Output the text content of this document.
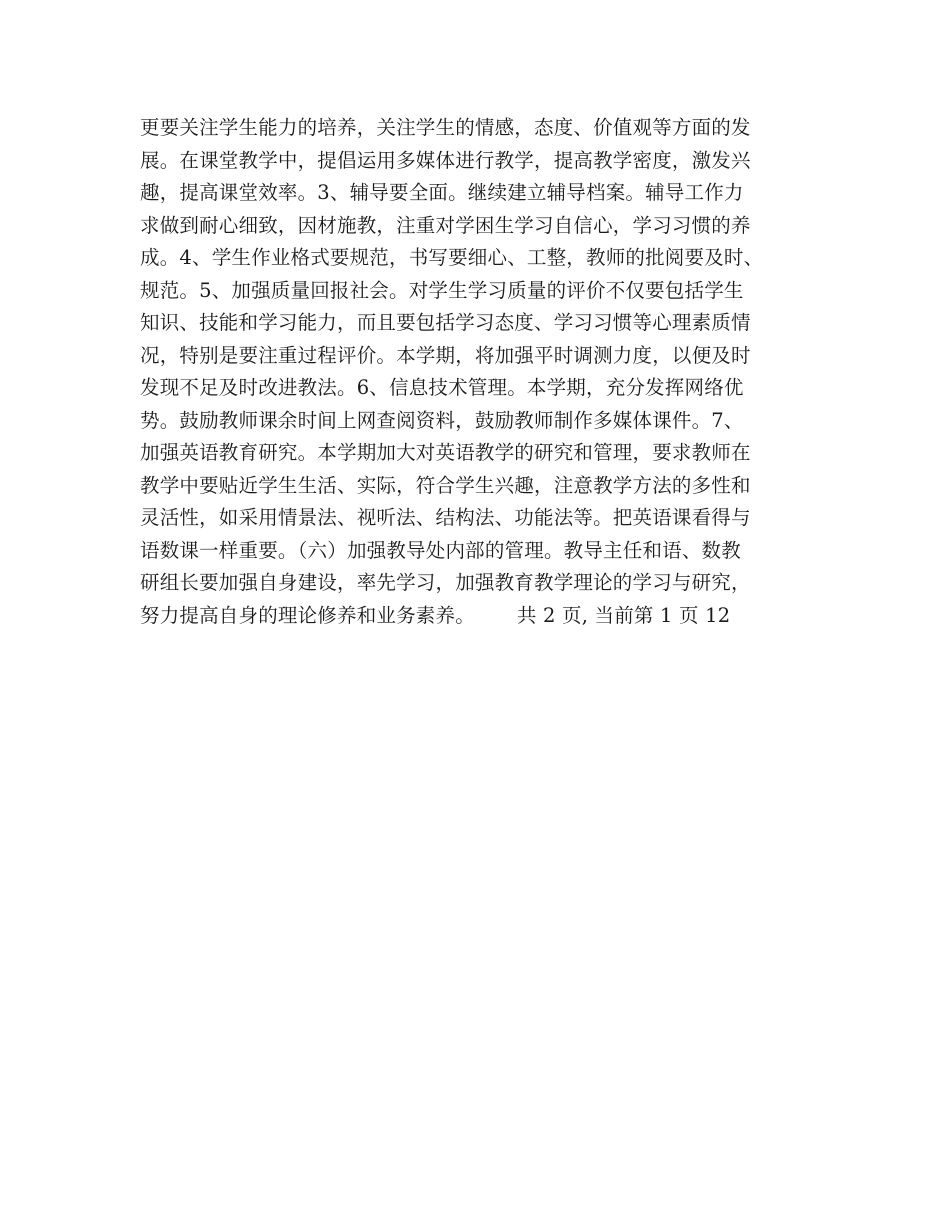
更要关注学生能力的培养，关注学生的情感，态度、价值观等方面的发
展。在课堂教学中，提倡运用多媒体进行教学，提高教学密度，激发兴
趣，提高课堂效率。3、辅导要全面。继续建立辅导档案。辅导工作力
求做到耐心细致，因材施教，注重对学困生学习自信心，学习习惯的养
成。4、学生作业格式要规范，书写要细心、工整，教师的批阅要及时、
规范。5、加强质量回报社会。对学生学习质量的评价不仅要包括学生
知识、技能和学习能力，而且要包括学习态度、学习习惯等心理素质情
况，特别是要注重过程评价。本学期，将加强平时调测力度，以便及时
发现不足及时改进教法。6、信息技术管理。本学期，充分发挥网络优
势。鼓励教师课余时间上网查阅资料，鼓励教师制作多媒体课件。7、
加强英语教育研究。本学期加大对英语教学的研究和管理，要求教师在
教学中要贴近学生生活、实际，符合学生兴趣，注意教学方法的多性和
灵活性，如采用情景法、视听法、结构法、功能法等。把英语课看得与
语数课一样重要。（六）加强教导处内部的管理。教导主任和语、数教
研组长要加强自身建设，率先学习，加强教育教学理论的学习与研究，
努力提高自身的理论修养和业务素养。 共 2 页, 当前第 1 页 12
